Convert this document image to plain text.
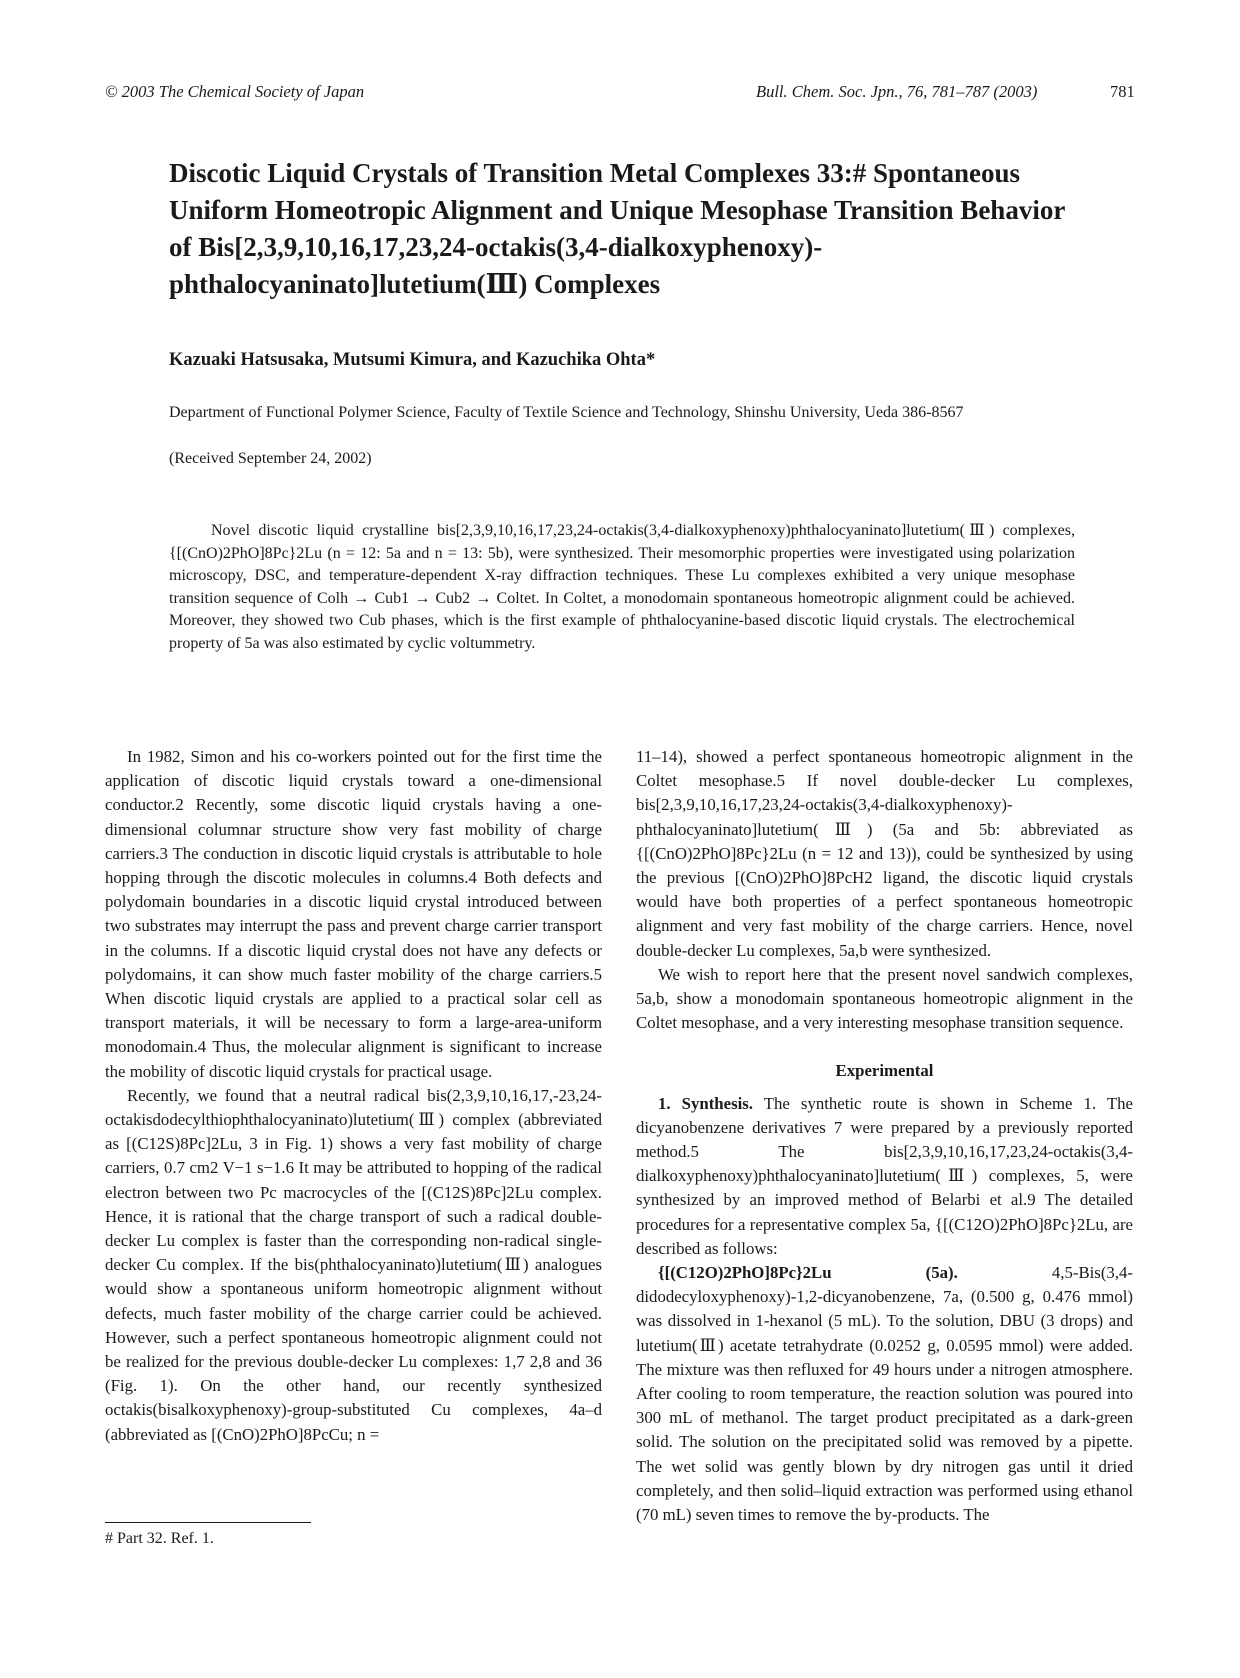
© 2003 The Chemical Society of Japan	Bull. Chem. Soc. Jpn., 76, 781–787 (2003)	781
Discotic Liquid Crystals of Transition Metal Complexes 33:# Spontaneous Uniform Homeotropic Alignment and Unique Mesophase Transition Behavior of Bis[2,3,9,10,16,17,23,24-octakis(3,4-dialkoxyphenoxy)-phthalocyaninato]lutetium(Ⅲ) Complexes
Kazuaki Hatsusaka, Mutsumi Kimura, and Kazuchika Ohta*
Department of Functional Polymer Science, Faculty of Textile Science and Technology, Shinshu University, Ueda 386-8567
(Received September 24, 2002)

Novel discotic liquid crystalline bis[2,3,9,10,16,17,23,24-octakis(3,4-dialkoxyphenoxy)phthalocyaninato]lutetium(Ⅲ) complexes, {[(CnO)2PhO]8Pc}2Lu (n = 12: 5a and n = 13: 5b), were synthesized. Their mesomorphic properties were investigated using polarization microscopy, DSC, and temperature-dependent X-ray diffraction techniques. These Lu complexes exhibited a very unique mesophase transition sequence of Colh → Cub1 → Cub2 → Coltet. In Coltet, a monodomain spontaneous homeotropic alignment could be achieved. Moreover, they showed two Cub phases, which is the first example of phthalocyanine-based discotic liquid crystals. The electrochemical property of 5a was also estimated by cyclic voltummetry.

In 1982, Simon and his co-workers pointed out for the first time the application of discotic liquid crystals toward a one-dimensional conductor.2 Recently, some discotic liquid crystals having a one-dimensional columnar structure show very fast mobility of charge carriers.3 The conduction in discotic liquid crystals is attributable to hole hopping through the discotic molecules in columns.4 Both defects and polydomain boundaries in a discotic liquid crystal introduced between two substrates may interrupt the pass and prevent charge carrier transport in the columns. If a discotic liquid crystal does not have any defects or polydomains, it can show much faster mobility of the charge carriers.5 When discotic liquid crystals are applied to a practical solar cell as transport materials, it will be necessary to form a large-area-uniform monodomain.4 Thus, the molecular alignment is significant to increase the mobility of discotic liquid crystals for practical usage.

Recently, we found that a neutral radical bis(2,3,9,10,16,17,-23,24-octakisdodecylthiophthalocyaninato)lutetium(Ⅲ) complex (abbreviated as [(C12S)8Pc]2Lu, 3 in Fig. 1) shows a very fast mobility of charge carriers, 0.7 cm2 V−1 s−1.6 It may be attributed to hopping of the radical electron between two Pc macrocycles of the [(C12S)8Pc]2Lu complex. Hence, it is rational that the charge transport of such a radical double-decker Lu complex is faster than the corresponding non-radical single-decker Cu complex. If the bis(phthalocyaninato)lutetium(Ⅲ) analogues would show a spontaneous uniform homeotropic alignment without defects, much faster mobility of the charge carrier could be achieved. However, such a perfect spontaneous homeotropic alignment could not be realized for the previous double-decker Lu complexes: 1,7 2,8 and 36 (Fig. 1). On the other hand, our recently synthesized octakis(bisalkoxyphenoxy)-group-substituted Cu complexes, 4a–d (abbreviated as [(CnO)2PhO]8PcCu; n =

11–14), showed a perfect spontaneous homeotropic alignment in the Coltet mesophase.5 If novel double-decker Lu complexes, bis[2,3,9,10,16,17,23,24-octakis(3,4-dialkoxyphenoxy)-phthalocyaninato]lutetium(Ⅲ) (5a and 5b: abbreviated as {[(CnO)2PhO]8Pc}2Lu (n = 12 and 13)), could be synthesized by using the previous [(CnO)2PhO]8PcH2 ligand, the discotic liquid crystals would have both properties of a perfect spontaneous homeotropic alignment and very fast mobility of the charge carriers. Hence, novel double-decker Lu complexes, 5a,b were synthesized.

We wish to report here that the present novel sandwich complexes, 5a,b, show a monodomain spontaneous homeotropic alignment in the Coltet mesophase, and a very interesting mesophase transition sequence.

Experimental

1. Synthesis. The synthetic route is shown in Scheme 1. The dicyanobenzene derivatives 7 were prepared by a previously reported method.5 The bis[2,3,9,10,16,17,23,24-octakis(3,4-dialkoxyphenoxy)phthalocyaninato]lutetium(Ⅲ) complexes, 5, were synthesized by an improved method of Belarbi et al.9 The detailed procedures for a representative complex 5a, {[(C12O)2PhO]8Pc}2Lu, are described as follows:

{[(C12O)2PhO]8Pc}2Lu (5a).	4,5-Bis(3,4-didodecyloxyphenoxy)-1,2-dicyanobenzene, 7a, (0.500 g, 0.476 mmol) was dissolved in 1-hexanol (5 mL). To the solution, DBU (3 drops) and lutetium(Ⅲ) acetate tetrahydrate (0.0252 g, 0.0595 mmol) were added. The mixture was then refluxed for 49 hours under a nitrogen atmosphere. After cooling to room temperature, the reaction solution was poured into 300 mL of methanol. The target product precipitated as a dark-green solid. The solution on the precipitated solid was removed by a pipette. The wet solid was gently blown by dry nitrogen gas until it dried completely, and then solid–liquid extraction was performed using ethanol (70 mL) seven times to remove the by-products. The

# Part 32. Ref. 1.
